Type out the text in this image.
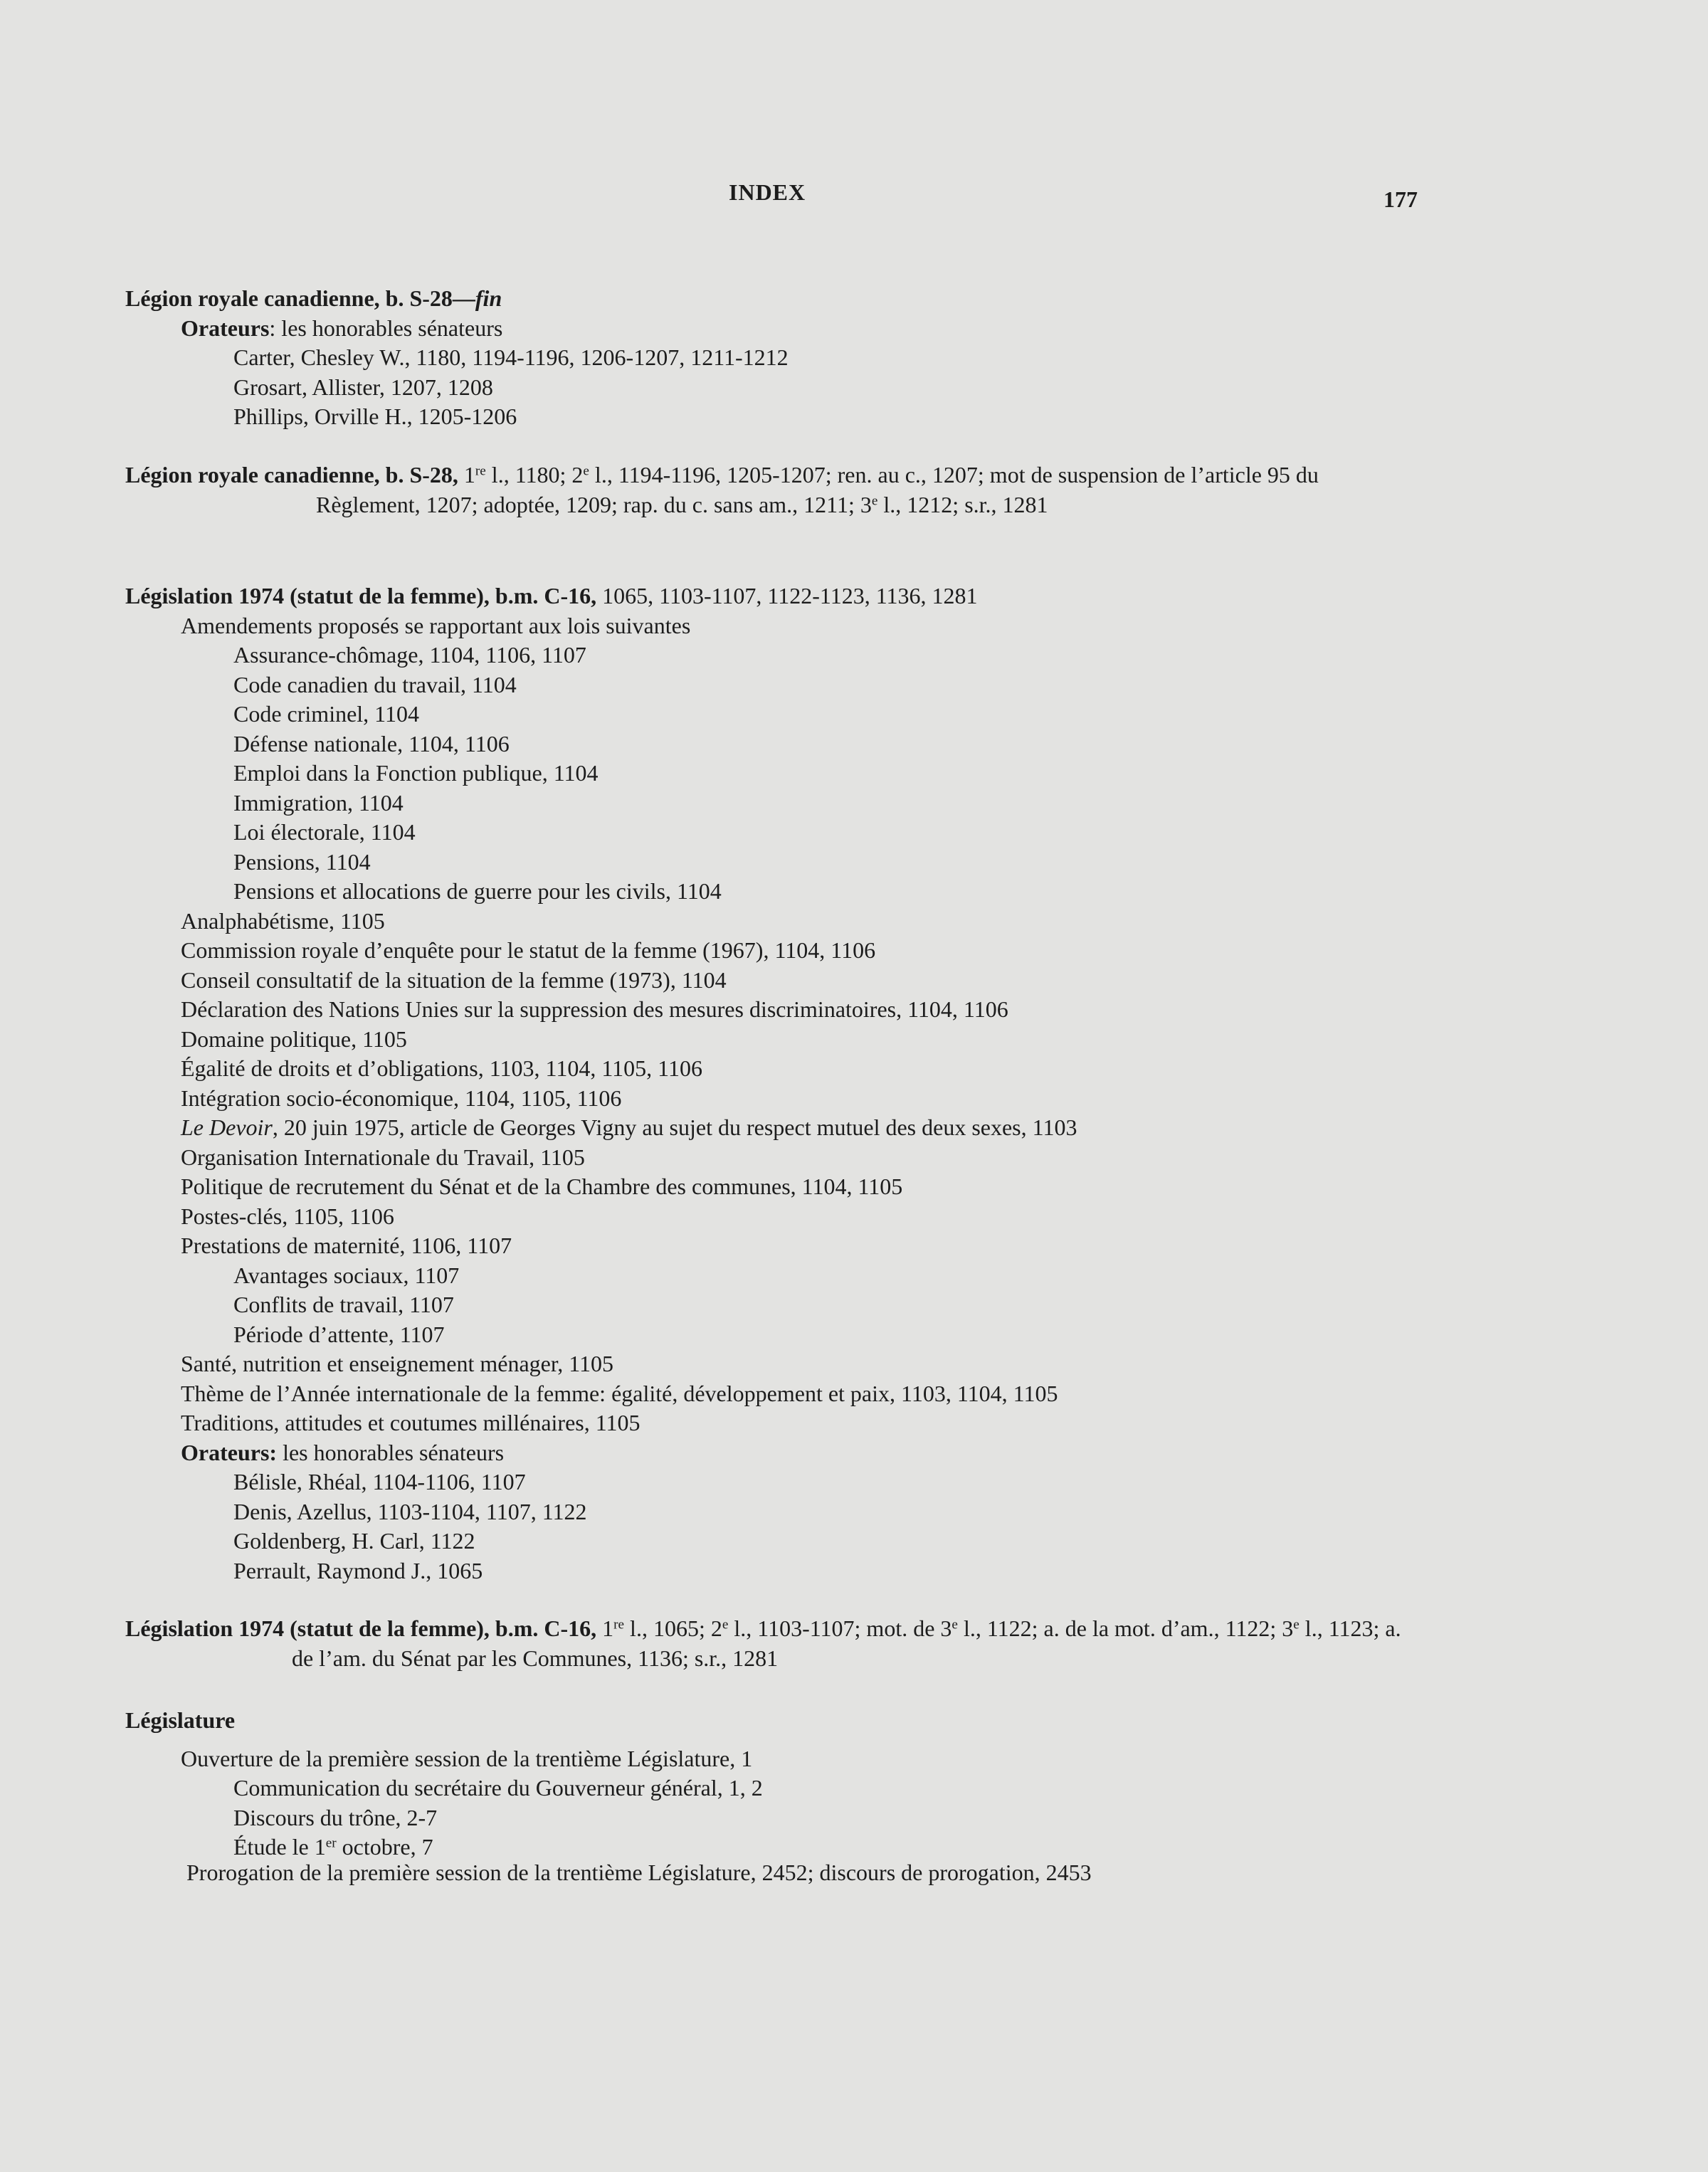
INDEX	177
Légion royale canadienne, b. S-28—fin
Orateurs: les honorables sénateurs
Carter, Chesley W., 1180, 1194-1196, 1206-1207, 1211-1212
Grosart, Allister, 1207, 1208
Phillips, Orville H., 1205-1206
Légion royale canadienne, b. S-28, 1re l., 1180; 2e l., 1194-1196, 1205-1207; ren. au c., 1207; mot de suspension de l’article 95 du Règlement, 1207; adoptée, 1209; rap. du c. sans am., 1211; 3e l., 1212; s.r., 1281
Législation 1974 (statut de la femme), b.m. C-16, 1065, 1103-1107, 1122-1123, 1136, 1281
Amendements proposés se rapportant aux lois suivantes
Assurance-chômage, 1104, 1106, 1107
Code canadien du travail, 1104
Code criminel, 1104
Défense nationale, 1104, 1106
Emploi dans la Fonction publique, 1104
Immigration, 1104
Loi électorale, 1104
Pensions, 1104
Pensions et allocations de guerre pour les civils, 1104
Analphabétisme, 1105
Commission royale d’enquête pour le statut de la femme (1967), 1104, 1106
Conseil consultatif de la situation de la femme (1973), 1104
Déclaration des Nations Unies sur la suppression des mesures discriminatoires, 1104, 1106
Domaine politique, 1105
Égalité de droits et d’obligations, 1103, 1104, 1105, 1106
Intégration socio-économique, 1104, 1105, 1106
Le Devoir, 20 juin 1975, article de Georges Vigny au sujet du respect mutuel des deux sexes, 1103
Organisation Internationale du Travail, 1105
Politique de recrutement du Sénat et de la Chambre des communes, 1104, 1105
Postes-clés, 1105, 1106
Prestations de maternité, 1106, 1107
Avantages sociaux, 1107
Conflits de travail, 1107
Période d’attente, 1107
Santé, nutrition et enseignement ménager, 1105
Thème de l’Année internationale de la femme: égalité, développement et paix, 1103, 1104, 1105
Traditions, attitudes et coutumes millénaires, 1105
Orateurs: les honorables sénateurs
Bélisle, Rhéal, 1104-1106, 1107
Denis, Azellus, 1103-1104, 1107, 1122
Goldenberg, H. Carl, 1122
Perrault, Raymond J., 1065
Législation 1974 (statut de la femme), b.m. C-16, 1re l., 1065; 2e l., 1103-1107; mot. de 3e l., 1122; a. de la mot. d’am., 1122; 3e l., 1123; a. de l’am. du Sénat par les Communes, 1136; s.r., 1281
Législature
Ouverture de la première session de la trentième Législature, 1
Communication du secrétaire du Gouverneur général, 1, 2
Discours du trône, 2-7
Étude le 1er octobre, 7
Prorogation de la première session de la trentième Législature, 2452; discours de prorogation, 2453
